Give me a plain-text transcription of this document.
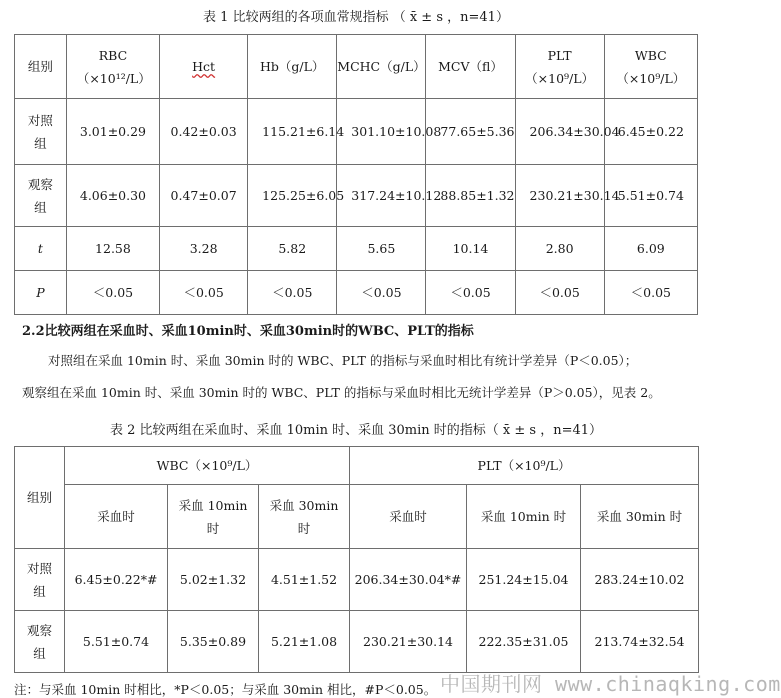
表 1 比较两组的各项血常规指标 （ x̄ ± s ，n=41）
组别	RBC（×10¹²/L）	Hct	Hb（g/L）	MCHC（g/L）	MCV（fl）	PLT（×10⁹/L）	WBC（×10⁹/L）
对照组	3.01±0.29	0.42±0.03	115.21±6.14	301.10±10.08	77.65±5.36	206.34±30.04	6.45±0.22
观察组	4.06±0.30	0.47±0.07	125.25±6.05	317.24±10.12	88.85±1.32	230.21±30.14	5.51±0.74
t	12.58	3.28	5.82	5.65	10.14	2.80	6.09
P	＜0.05	＜0.05	＜0.05	＜0.05	＜0.05	＜0.05	＜0.05
2.2比较两组在采血时、采血10min时、采血30min时的WBC、PLT的指标
对照组在采血 10min 时、采血 30min 时的 WBC、PLT 的指标与采血时相比有统计学差异（P＜0.05）；
观察组在采血 10min 时、采血 30min 时的 WBC、PLT 的指标与采血时相比无统计学差异（P＞0.05），见表 2。
表 2 比较两组在采血时、采血 10min 时、采血 30min 时的指标（ x̄ ± s ，n=41）
组别	WBC（×10⁹/L）			PLT（×10⁹/L）		
	采血时	采血 10min 时	采血 30min 时	采血时	采血 10min 时	采血 30min 时
对照组	6.45±0.22*#	5.02±1.32	4.51±1.52	206.34±30.04*#	251.24±15.04	283.24±10.02
观察组	5.51±0.74	5.35±0.89	5.21±1.08	230.21±30.14	222.35±31.05	213.74±32.54
注：与采血 10min 时相比，*P＜0.05；与采血 30min 相比，#P＜0.05。 中国期刊网 www.chinaqking.com
